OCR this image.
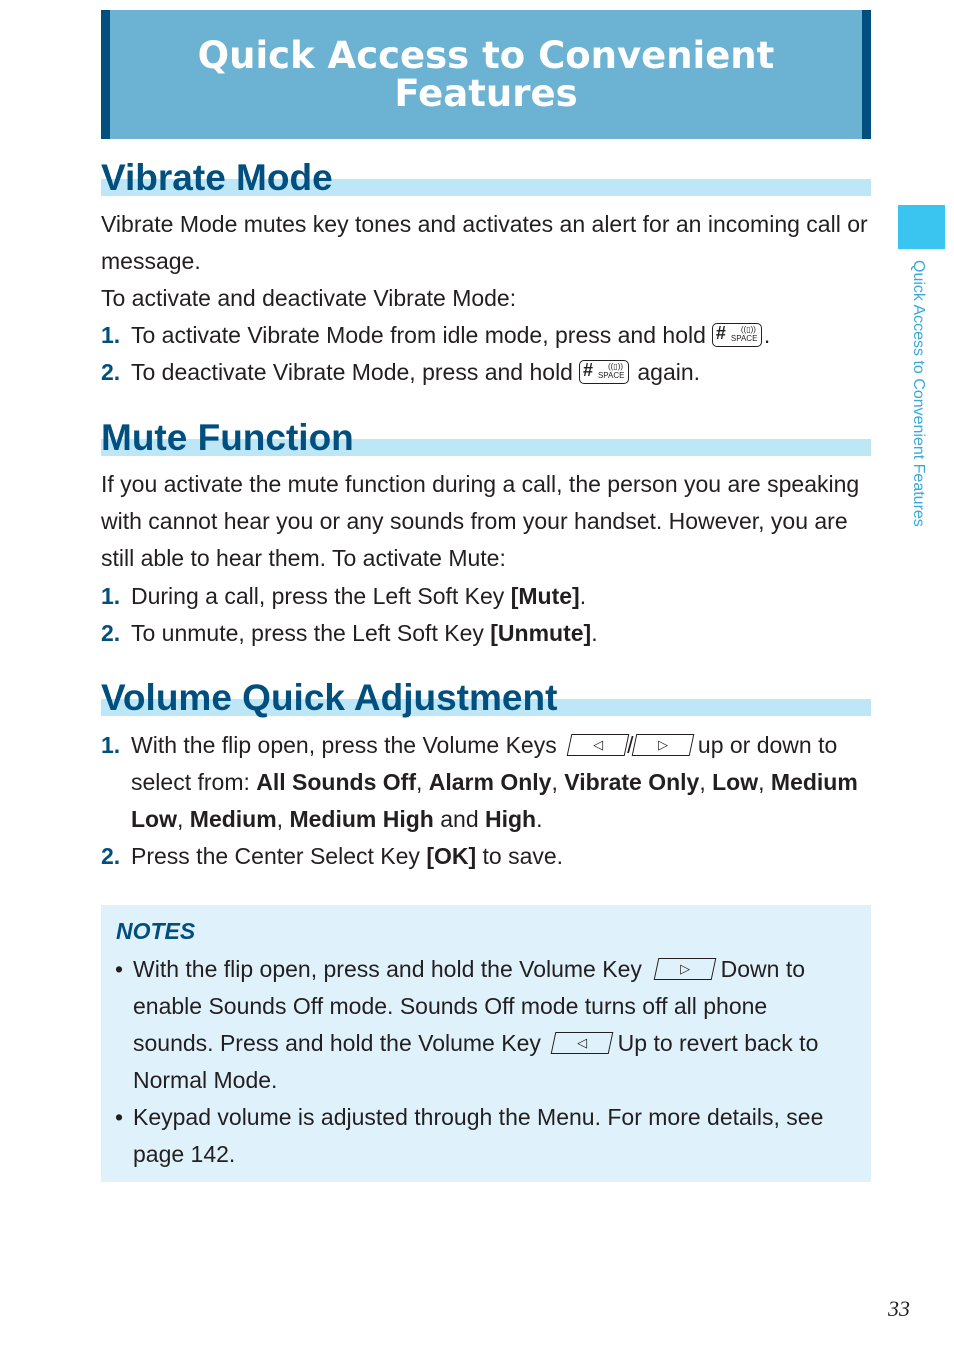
Quick Access to Convenient Features
Quick Access to Convenient Features
Vibrate Mode

Vibrate Mode mutes key tones and activates an alert for an incoming call or message.

To activate and deactivate Vibrate Mode:

1. To activate Vibrate Mode from idle mode, press and hold # ((▯))
SPACE .
2. To deactivate Vibrate Mode, press and hold # ((▯))
SPACE again.
Mute Function

If you activate the mute function during a call, the person you are speaking with cannot hear you or any sounds from your handset. However, you are still able to hear them. To activate Mute:

1. During a call, press the Left Soft Key [Mute].
2. To unmute, press the Left Soft Key [Unmute].
Volume Quick Adjustment
1. With the flip open, press the Volume Keys	◁ / ▷ up or down to select from: All Sounds Off, Alarm Only, Vibrate Only, Low, Medium Low, Medium, Medium High and High.
2. Press the Center Select Key [OK] to save.
NOTES
• With the flip open, press and hold the Volume Key	▷ Down to enable Sounds Off mode. Sounds Off mode turns off all phone sounds. Press and hold the Volume Key	◁ Up to revert back to Normal Mode.
• Keypad volume is adjusted through the Menu. For more details, see page 142.
33
